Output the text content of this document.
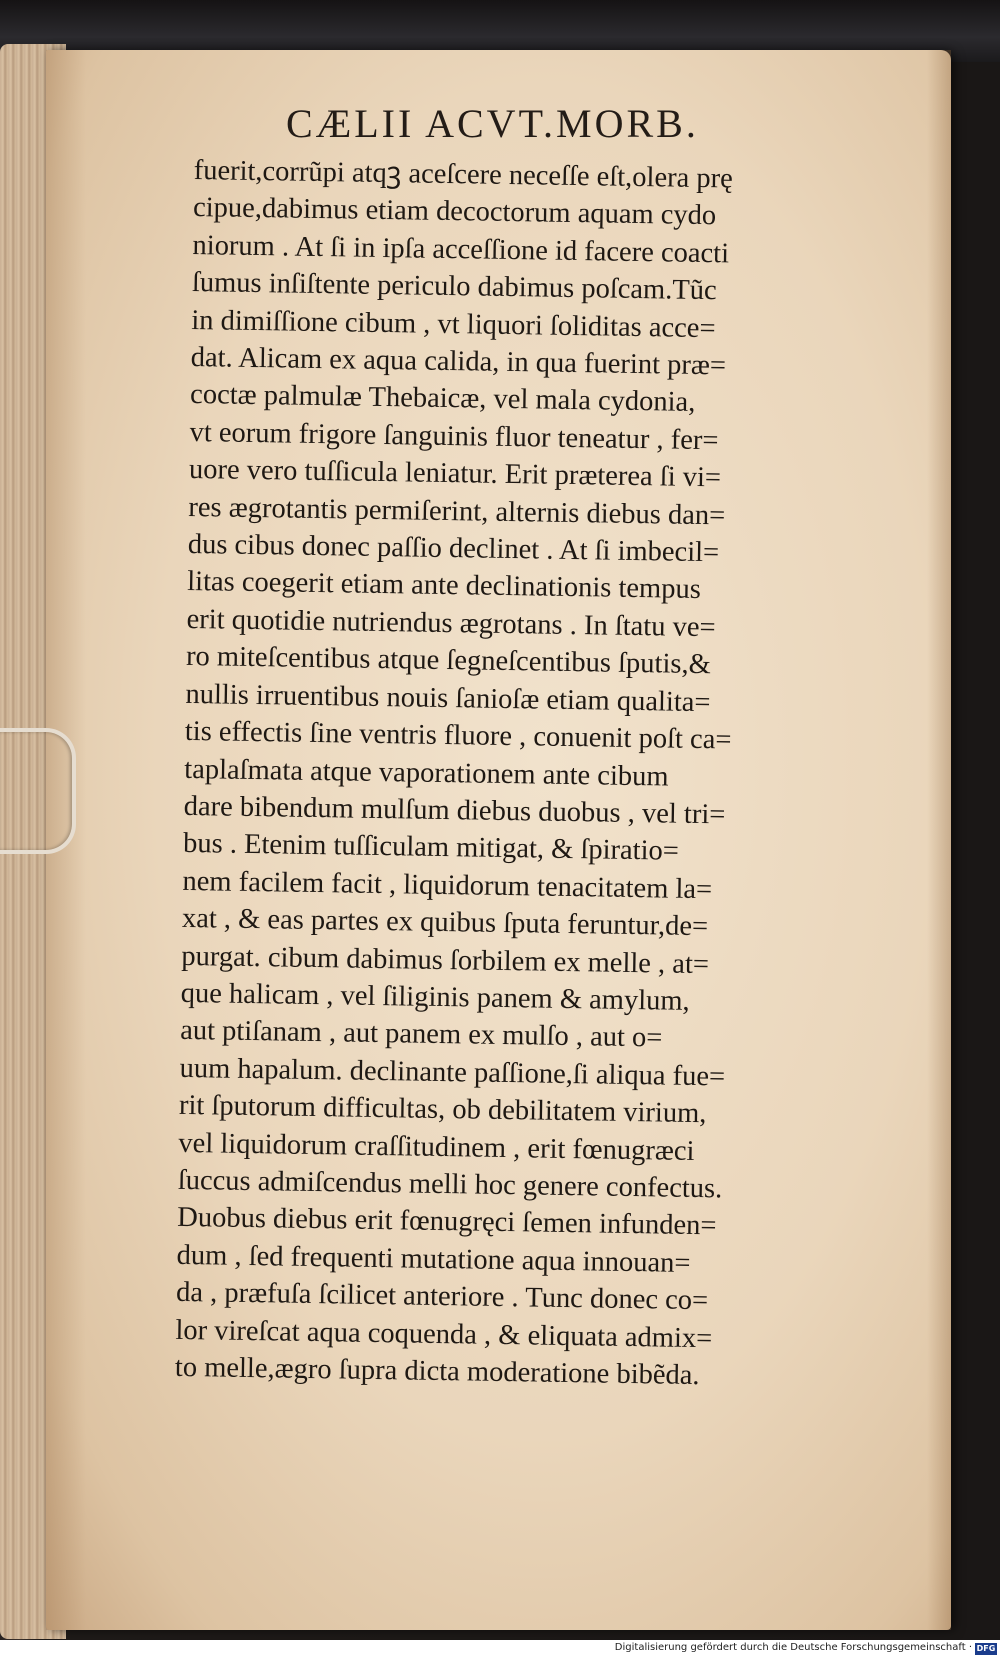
CÆLII ACVT.MORB.
fuerit,corrũpi atqꝫ aceſcere neceſſe eſt,olera prę
cipue,dabimus etiam decoctorum aquam cydo
niorum . At ſi in ipſa acceſſione id facere coacti
ſumus inſiſtente periculo dabimus poſcam.Tũc
in dimiſſione cibum , vt liquori ſoliditas acce=
dat. Alicam ex aqua calida, in qua fuerint præ=
coctæ palmulæ Thebaicæ, vel mala cydonia,
vt eorum frigore ſanguinis fluor teneatur , fer=
uore vero tuſſicula leniatur. Erit præterea ſi vi=
res ægrotantis permiſerint, alternis diebus dan=
dus cibus donec paſſio declinet . At ſi imbecil=
litas coegerit etiam ante declinationis tempus
erit quotidie nutriendus ægrotans . In ſtatu ve=
ro miteſcentibus atque ſegneſcentibus ſputis,&
nullis irruentibus nouis ſanioſæ etiam qualita=
tis effectis ſine ventris fluore , conuenit poſt ca=
taplaſmata atque vaporationem ante cibum
dare bibendum mulſum diebus duobus , vel tri=
bus . Etenim tuſſiculam mitigat, & ſpiratio=
nem facilem facit , liquidorum tenacitatem la=
xat , & eas partes ex quibus ſputa feruntur,de=
purgat. cibum dabimus ſorbilem ex melle , at=
que halicam , vel ſiliginis panem & amylum,
aut ptiſanam , aut panem ex mulſo , aut o=
uum hapalum. declinante paſſione,ſi aliqua fue=
rit ſputorum difficultas, ob debilitatem virium,
vel liquidorum craſſitudinem , erit fœnugræci
ſuccus admiſcendus melli hoc genere confectus.
Duobus diebus erit fœnugręci ſemen infunden=
dum , ſed frequenti mutatione aqua innouan=
da , præfuſa ſcilicet anteriore . Tunc donec co=
lor vireſcat aqua coquenda , & eliquata admix=
to melle,ægro ſupra dicta moderatione bibẽda.
Digitalisierung gefördert durch die Deutsche Forschungsgemeinschaft · DFG
